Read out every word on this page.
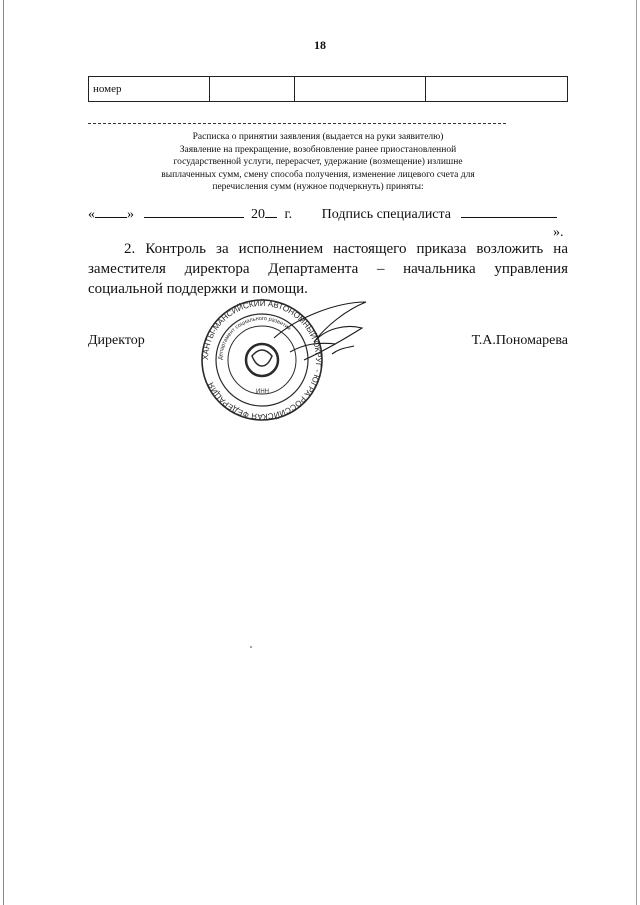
18
номер			
Расписка о принятии заявления (выдается на руки заявителю)
Заявление на прекращение, возобновление ранее приостановленной
государственной услуги, перерасчет, удержание (возмещение) излишне
выплаченных сумм, смену способа получения, изменение лицевого счета для
перечисления сумм (нужное подчеркнуть) приняты:
« »	20 г. Подпись специалиста
».
2. Контроль за исполнением настоящего приказа возложить на заместителя директора Департамента – начальника управления социальной поддержки и помощи.
Директор	Т.А.Пономарева
ХАНТЫ-МАНСИЙСКИЙ АВТОНОМНЫЙ ОКРУГ - ЮГРА РОССИЙСКАЯ ФЕДЕРАЦИЯ
Департамент социального развития
ИНН
